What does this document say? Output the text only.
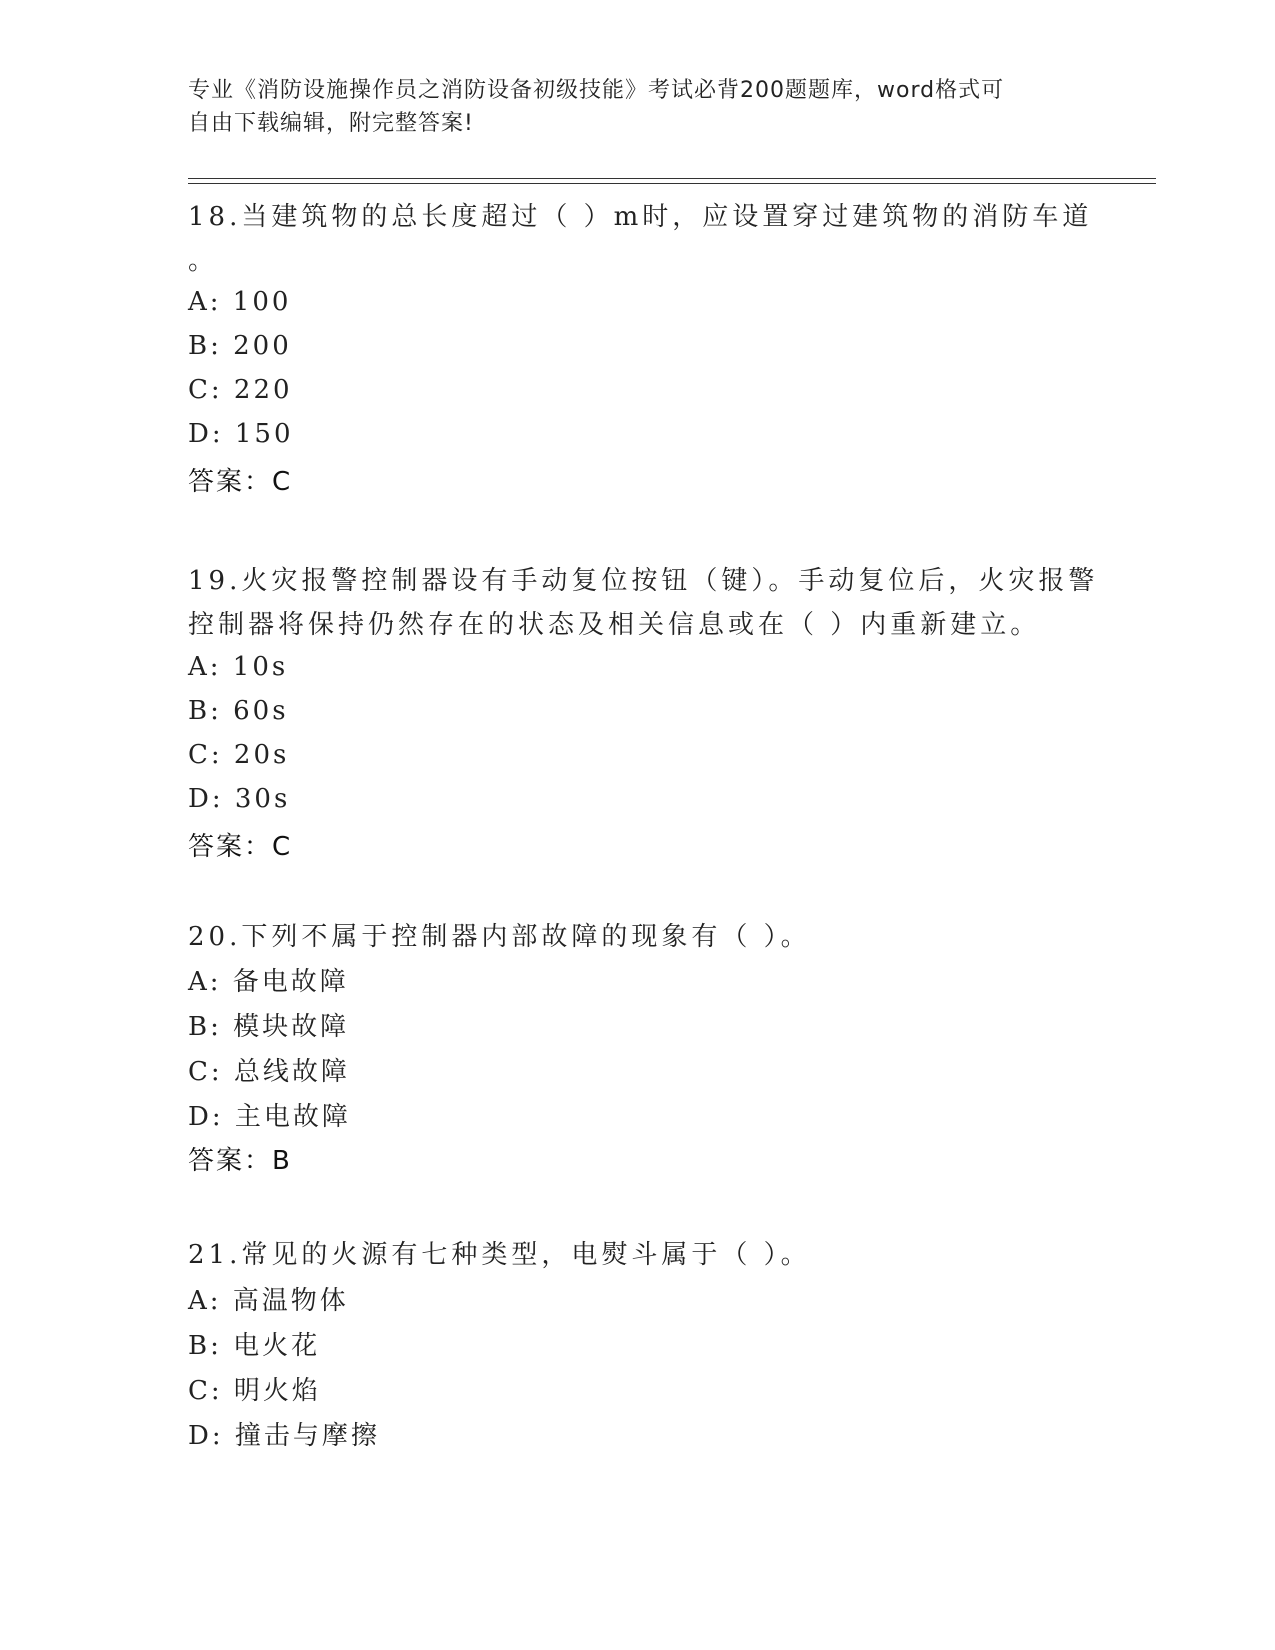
专业《消防设施操作员之消防设备初级技能》考试必背200题题库，word格式可
自由下载编辑，附完整答案!
18.当建筑物的总长度超过（ ）m时，应设置穿过建筑物的消防车道
。
A: 100
B: 200
C: 220
D: 150
答案：C
19.火灾报警控制器设有手动复位按钮（键）。手动复位后，火灾报警
控制器将保持仍然存在的状态及相关信息或在（ ）内重新建立。
A: 10s
B: 60s
C: 20s
D: 30s
答案：C
20.下列不属于控制器内部故障的现象有（ ）。
A: 备电故障
B: 模块故障
C: 总线故障
D: 主电故障
答案：B
21.常见的火源有七种类型，电熨斗属于（ ）。
A: 高温物体
B: 电火花
C: 明火焰
D: 撞击与摩擦
